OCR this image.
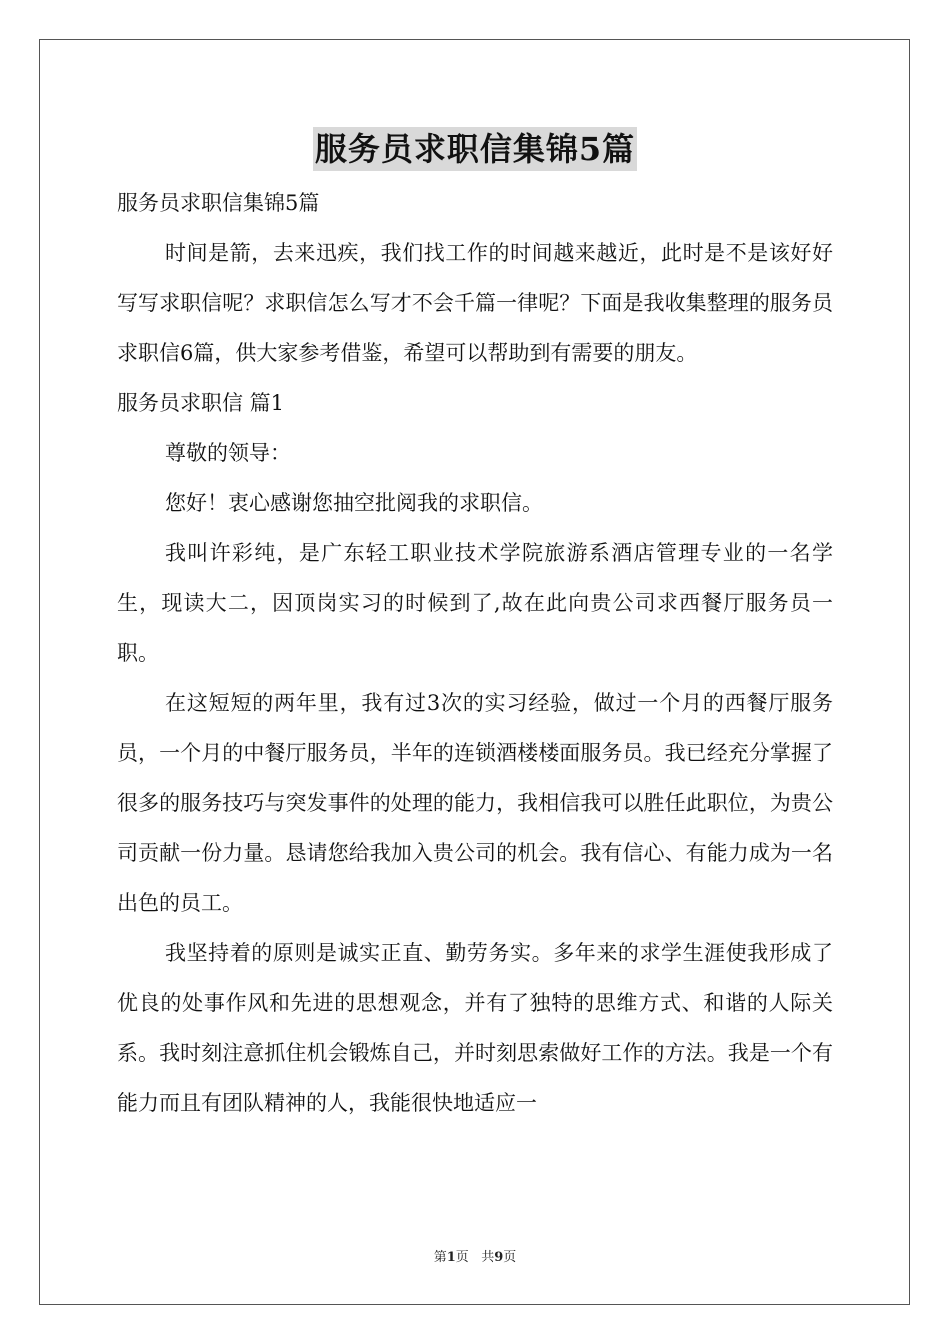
服务员求职信集锦5篇

服务员求职信集锦5篇

时间是箭，去来迅疾，我们找工作的时间越来越近，此时是不是该好好写写求职信呢？求职信怎么写才不会千篇一律呢？下面是我收集整理的服务员求职信6篇，供大家参考借鉴，希望可以帮助到有需要的朋友。

服务员求职信 篇1

尊敬的领导：

您好！衷心感谢您抽空批阅我的求职信。

我叫许彩纯，是广东轻工职业技术学院旅游系酒店管理专业的一名学生，现读大二，因顶岗实习的时候到了,故在此向贵公司求西餐厅服务员一职。

在这短短的两年里，我有过3次的实习经验，做过一个月的西餐厅服务员，一个月的中餐厅服务员，半年的连锁酒楼楼面服务员。我已经充分掌握了很多的服务技巧与突发事件的处理的能力，我相信我可以胜任此职位，为贵公司贡献一份力量。恳请您给我加入贵公司的机会。我有信心、有能力成为一名出色的员工。

我坚持着的原则是诚实正直、勤劳务实。多年来的求学生涯使我形成了优良的处事作风和先进的思想观念，并有了独特的思维方式、和谐的人际关系。我时刻注意抓住机会锻炼自己，并时刻思索做好工作的方法。我是一个有能力而且有团队精神的人，我能很快地适应一

第1页 共9页
